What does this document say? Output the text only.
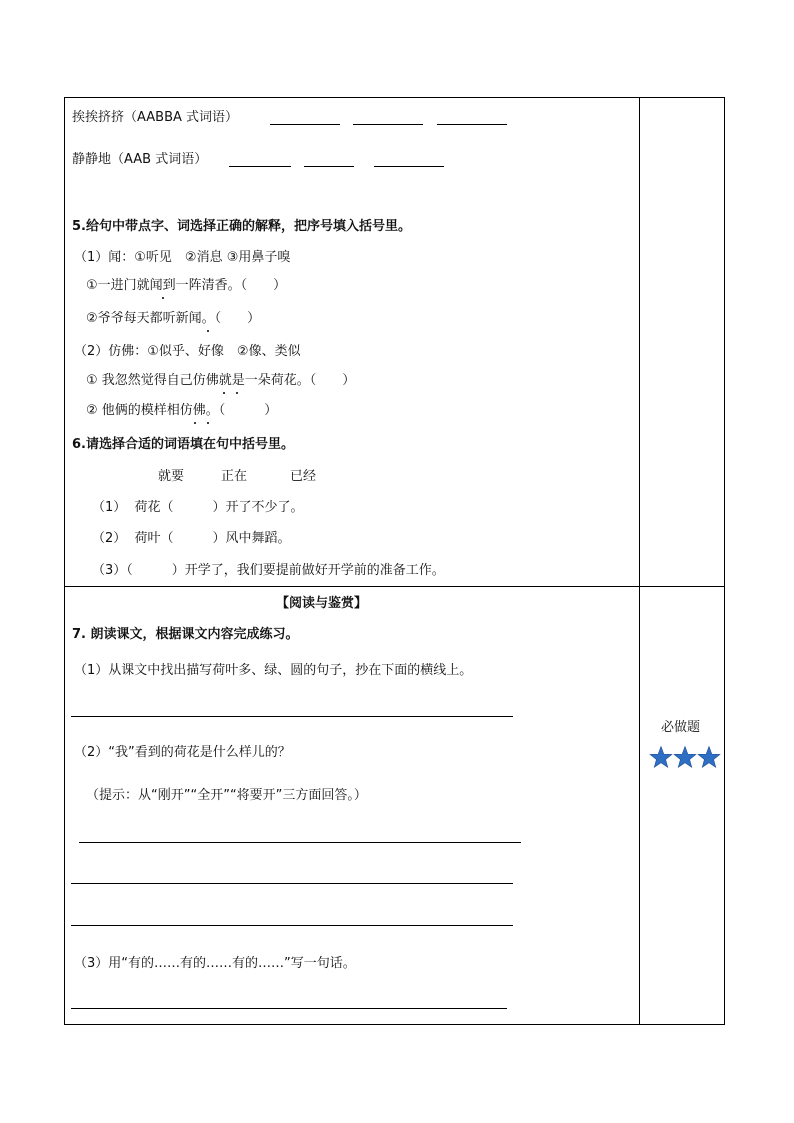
挨挨挤挤（AABBA 式词语）
静静地（AAB 式词语）
5.给句中带点字、词选择正确的解释，把序号填入括号里。
（1）闻：①听见　②消息 ③用鼻子嗅
①一进门就闻到一阵清香。（　　）
②爷爷每天都听新闻。（　　）
（2）仿佛：①似乎、好像　②像、类似
① 我忽然觉得自己仿佛就是一朵荷花。（　　）
② 他俩的模样相仿佛。（　　　）
6.请选择合适的词语填在句中括号里。
就要	正在	已经
（1）  荷花（　　　）开了不少了。
（2）  荷叶（　　　）风中舞蹈。
（3）（　　　）开学了，我们要提前做好开学前的准备工作。
【阅读与鉴赏】
7. 朗读课文，根据课文内容完成练习。
（1）从课文中找出描写荷叶多、绿、圆的句子，抄在下面的横线上。
（2）“我”看到的荷花是什么样儿的？
（提示：从“刚开”“全开”“将要开”三方面回答。）
（3）用“有的……有的……有的……”写一句话。
必做题
